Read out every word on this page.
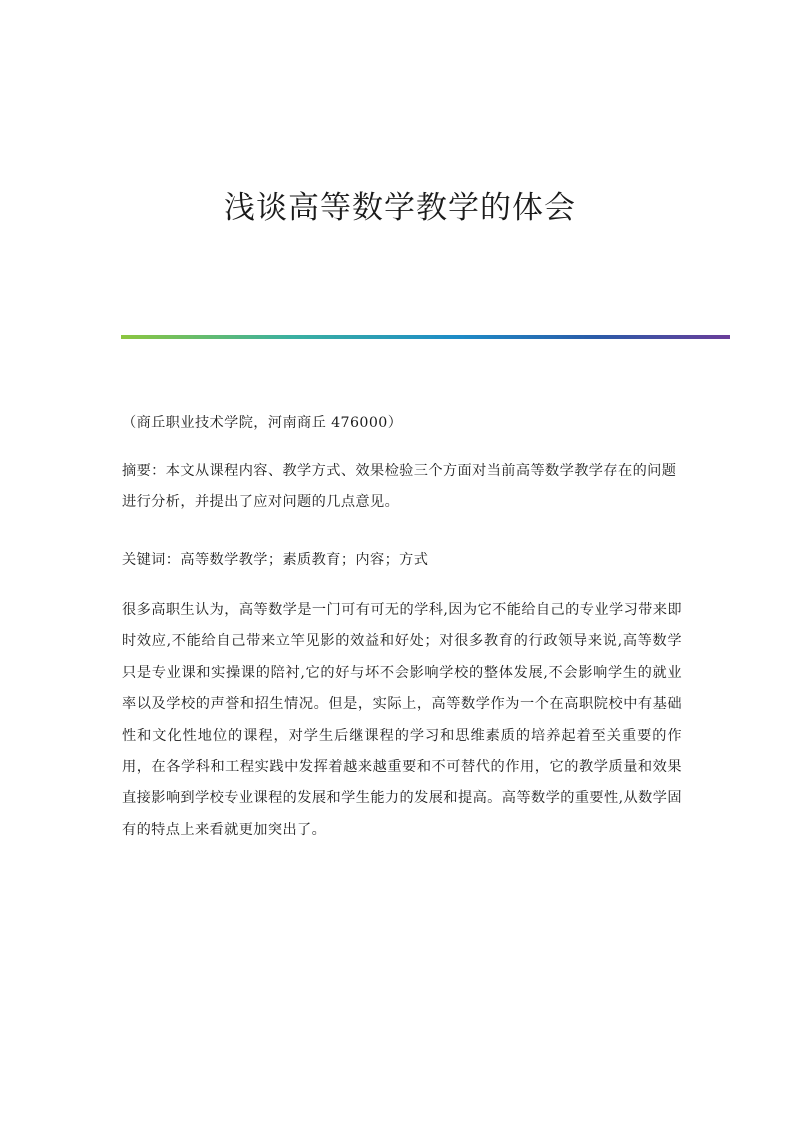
浅谈高等数学教学的体会

（商丘职业技术学院，河南商丘 476000）

摘要：本文从课程内容、教学方式、效果检验三个方面对当前高等数学教学存在的问题进行分析，并提出了应对问题的几点意见。

关键词：高等数学教学；素质教育；内容；方式

很多高职生认为，高等数学是一门可有可无的学科,因为它不能给自己的专业学习带来即时效应,不能给自己带来立竿见影的效益和好处；对很多教育的行政领导来说,高等数学只是专业课和实操课的陪衬,它的好与坏不会影响学校的整体发展,不会影响学生的就业率以及学校的声誉和招生情况。但是，实际上，高等数学作为一个在高职院校中有基础性和文化性地位的课程，对学生后继课程的学习和思维素质的培养起着至关重要的作用，在各学科和工程实践中发挥着越来越重要和不可替代的作用，它的教学质量和效果直接影响到学校专业课程的发展和学生能力的发展和提高。高等数学的重要性,从数学固有的特点上来看就更加突出了。
